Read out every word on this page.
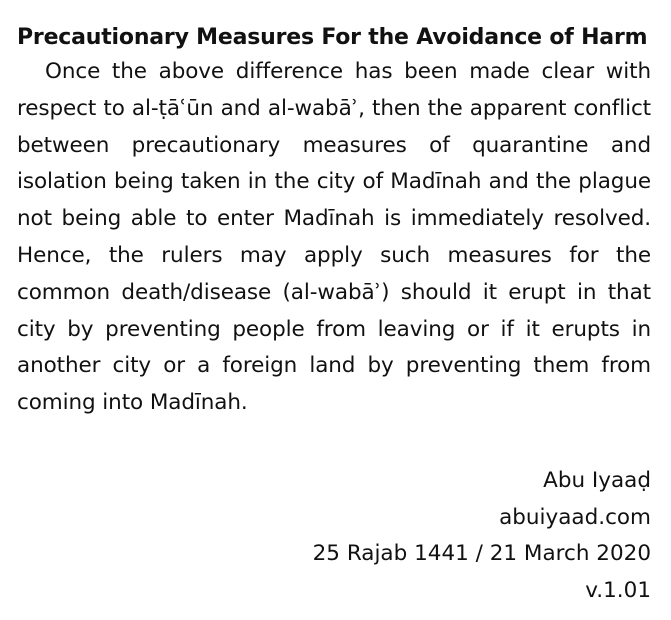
Precautionary Measures For the Avoidance of Harm

Once the above difference has been made clear with respect to al-ṭāʿūn and al-wabāʾ, then the apparent conflict between precautionary measures of quarantine and isolation being taken in the city of Madīnah and the plague not being able to enter Madīnah is immediately resolved. Hence, the rulers may apply such measures for the common death/disease (al-wabāʾ) should it erupt in that city by preventing people from leaving or if it erupts in another city or a foreign land by preventing them from coming into Madīnah.

Abu Iyaaḍ
abuiyaad.com
25 Rajab 1441 / 21 March 2020
v.1.01
